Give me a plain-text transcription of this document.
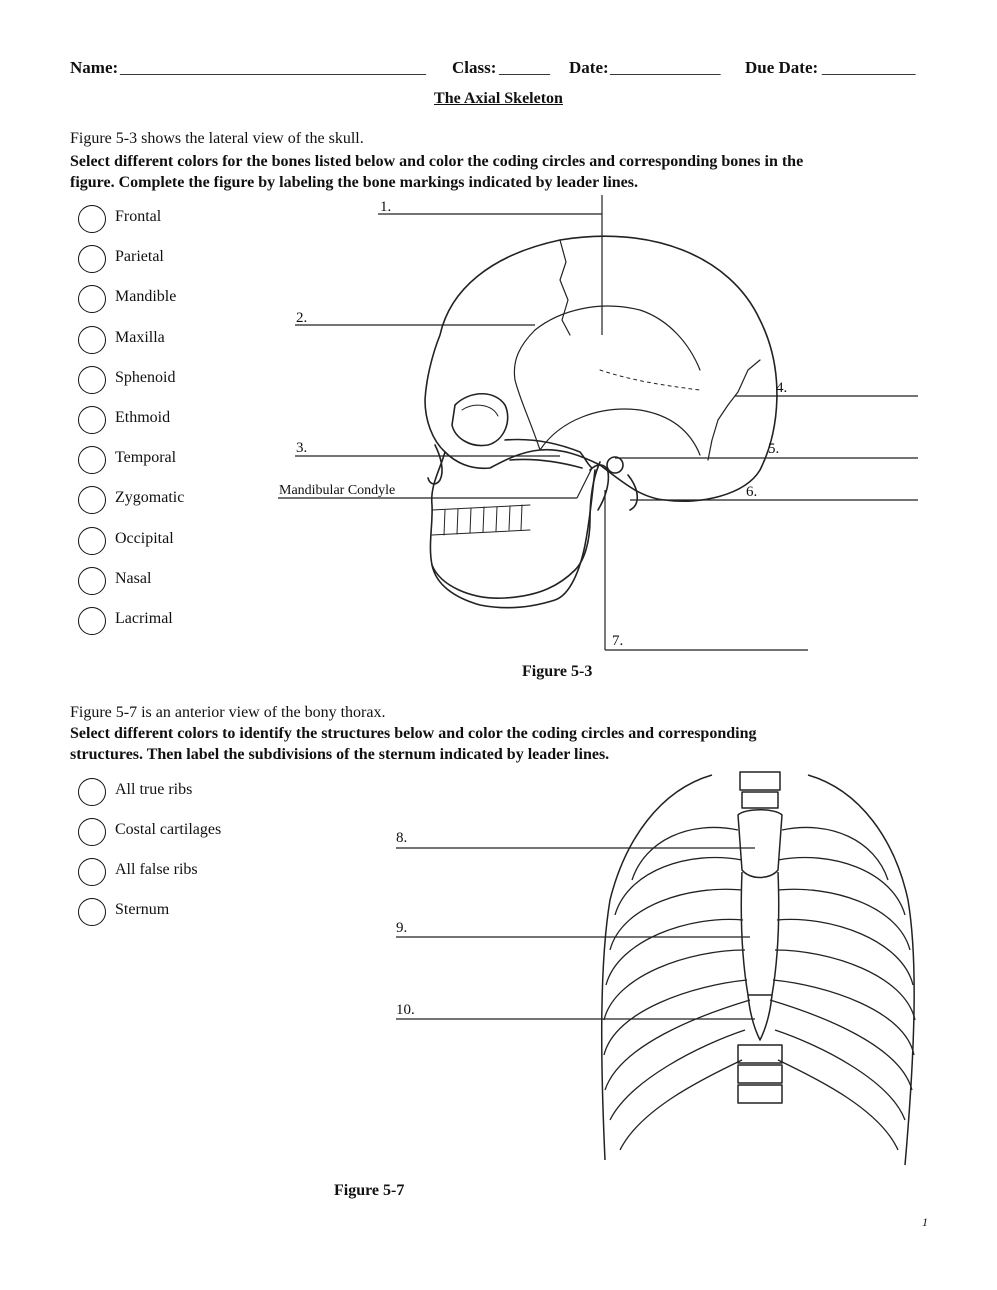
Name: ____________________________________ Class: ______ Date: _____________ Due Date: ___________
The Axial Skeleton
Figure 5-3 shows the lateral view of the skull.
Select different colors for the bones listed below and color the coding circles and corresponding bones in the
figure. Complete the figure by labeling the bone markings indicated by leader lines.
Frontal
Parietal
Mandible
Maxilla
Sphenoid
Ethmoid
Temporal
Zygomatic
Occipital
Nasal
Lacrimal
1.
2.
3.
4.
5.
6.
7.
Mandibular Condyle
Figure 5-3
Figure 5-7 is an anterior view of the bony thorax.
Select different colors to identify the structures below and color the coding circles and corresponding
structures. Then label the subdivisions of the sternum indicated by leader lines.
All true ribs
Costal cartilages
All false ribs
Sternum
8.
9.
10.
Figure 5-7
1
